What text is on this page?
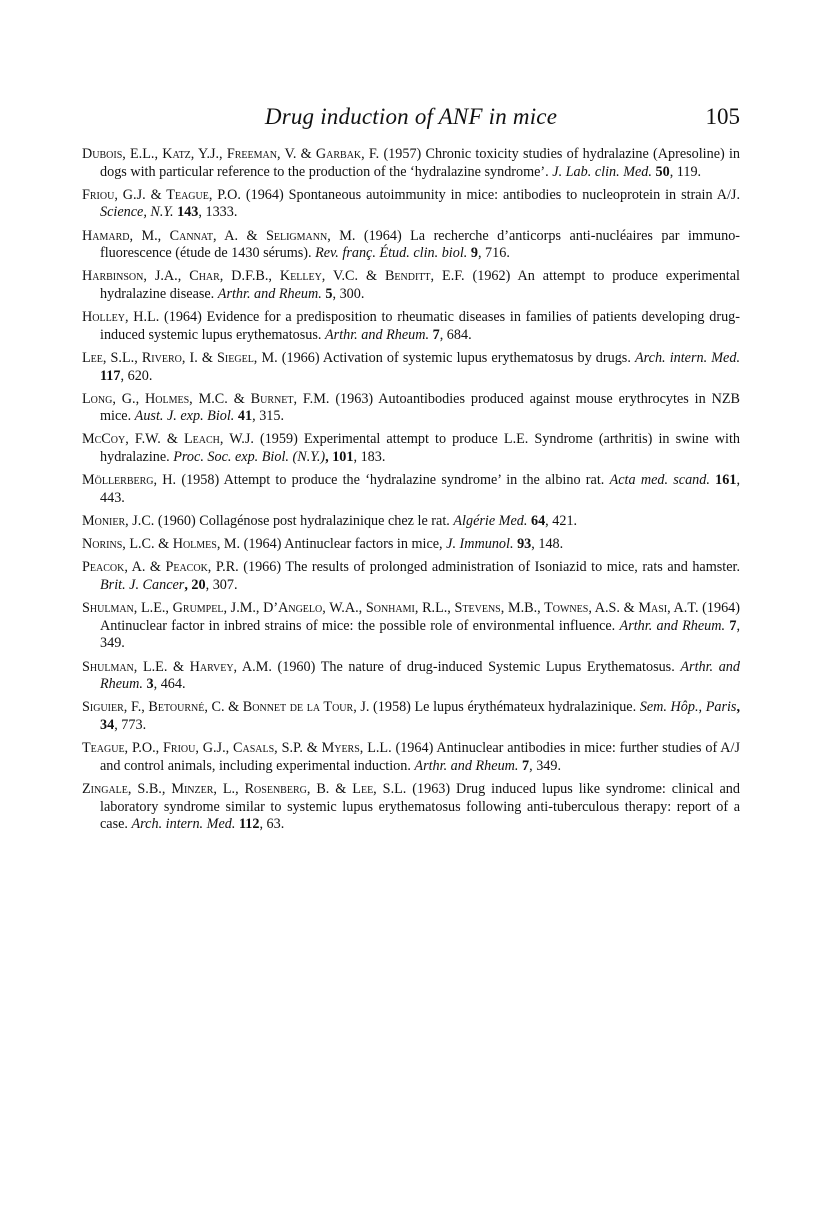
Drug induction of ANF in mice	105
Dubois, E.L., Katz, Y.J., Freeman, V. & Garbak, F. (1957) Chronic toxicity studies of hydralazine (Apresoline) in dogs with particular reference to the production of the ‘hydralazine syndrome’. J. Lab. clin. Med. 50, 119.
Friou, G.J. & Teague, P.O. (1964) Spontaneous autoimmunity in mice: antibodies to nucleoprotein in strain A/J. Science, N.Y. 143, 1333.
Hamard, M., Cannat, A. & Seligmann, M. (1964) La recherche d’anticorps anti-nucléaires par immuno-fluorescence (étude de 1430 sérums). Rev. franç. Étud. clin. biol. 9, 716.
Harbinson, J.A., Char, D.F.B., Kelley, V.C. & Benditt, E.F. (1962) An attempt to produce experimental hydralazine disease. Arthr. and Rheum. 5, 300.
Holley, H.L. (1964) Evidence for a predisposition to rheumatic diseases in families of patients developing drug-induced systemic lupus erythematosus. Arthr. and Rheum. 7, 684.
Lee, S.L., Rivero, I. & Siegel, M. (1966) Activation of systemic lupus erythematosus by drugs. Arch. intern. Med. 117, 620.
Long, G., Holmes, M.C. & Burnet, F.M. (1963) Autoantibodies produced against mouse erythrocytes in NZB mice. Aust. J. exp. Biol. 41, 315.
McCoy, F.W. & Leach, W.J. (1959) Experimental attempt to produce L.E. Syndrome (arthritis) in swine with hydralazine. Proc. Soc. exp. Biol. (N.Y.), 101, 183.
Möllerberg, H. (1958) Attempt to produce the ‘hydralazine syndrome’ in the albino rat. Acta med. scand. 161, 443.
Monier, J.C. (1960) Collagénose post hydralazinique chez le rat. Algérie Med. 64, 421.
Norins, L.C. & Holmes, M. (1964) Antinuclear factors in mice, J. Immunol. 93, 148.
Peacok, A. & Peacok, P.R. (1966) The results of prolonged administration of Isoniazid to mice, rats and hamster. Brit. J. Cancer, 20, 307.
Shulman, L.E., Grumpel, J.M., D’Angelo, W.A., Sonhami, R.L., Stevens, M.B., Townes, A.S. & Masi, A.T. (1964) Antinuclear factor in inbred strains of mice: the possible role of environmental influence. Arthr. and Rheum. 7, 349.
Shulman, L.E. & Harvey, A.M. (1960) The nature of drug-induced Systemic Lupus Erythematosus. Arthr. and Rheum. 3, 464.
Siguier, F., Betourné, C. & Bonnet de la Tour, J. (1958) Le lupus érythémateux hydralazinique. Sem. Hôp., Paris, 34, 773.
Teague, P.O., Friou, G.J., Casals, S.P. & Myers, L.L. (1964) Antinuclear antibodies in mice: further studies of A/J and control animals, including experimental induction. Arthr. and Rheum. 7, 349.
Zingale, S.B., Minzer, L., Rosenberg, B. & Lee, S.L. (1963) Drug induced lupus like syndrome: clinical and laboratory syndrome similar to systemic lupus erythematosus following anti-tuberculous therapy: report of a case. Arch. intern. Med. 112, 63.
